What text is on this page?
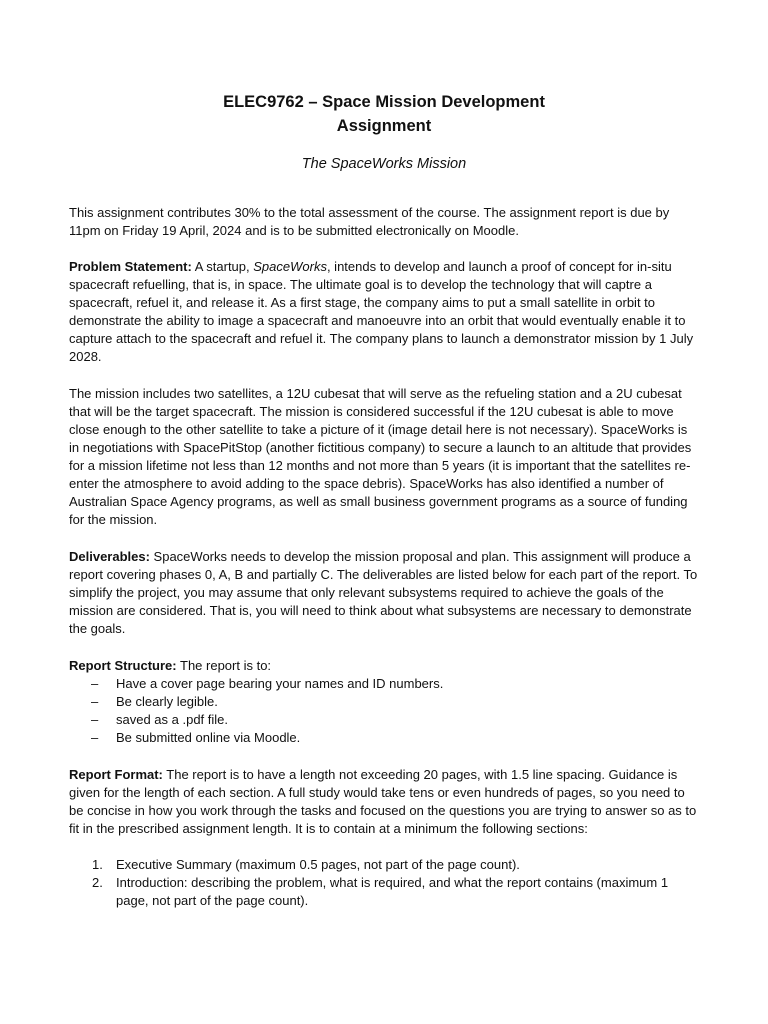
ELEC9762 – Space Mission Development
Assignment
The SpaceWorks Mission

This assignment contributes 30% to the total assessment of the course. The assignment report is due by 11pm on Friday 19 April, 2024 and is to be submitted electronically on Moodle.

Problem Statement: A startup, SpaceWorks, intends to develop and launch a proof of concept for in-situ spacecraft refuelling, that is, in space. The ultimate goal is to develop the technology that will captre a spacecraft, refuel it, and release it. As a first stage, the company aims to put a small satellite in orbit to demonstrate the ability to image a spacecraft and manoeuvre into an orbit that would eventually enable it to capture attach to the spacecraft and refuel it. The company plans to launch a demonstrator mission by 1 July 2028.

The mission includes two satellites, a 12U cubesat that will serve as the refueling station and a 2U cubesat that will be the target spacecraft. The mission is considered successful if the 12U cubesat is able to move close enough to the other satellite to take a picture of it (image detail here is not necessary). SpaceWorks is in negotiations with SpacePitStop (another fictitious company) to secure a launch to an altitude that provides for a mission lifetime not less than 12 months and not more than 5 years (it is important that the satellites re-enter the atmosphere to avoid adding to the space debris). SpaceWorks has also identified a number of Australian Space Agency programs, as well as small business government programs as a source of funding for the mission.

Deliverables: SpaceWorks needs to develop the mission proposal and plan. This assignment will produce a report covering phases 0, A, B and partially C. The deliverables are listed below for each part of the report. To simplify the project, you may assume that only relevant subsystems required to achieve the goals of the mission are considered. That is, you will need to think about what subsystems are necessary to demonstrate the goals.

Report Structure: The report is to:

– Have a cover page bearing your names and ID numbers.
– Be clearly legible.
– saved as a .pdf file.
– Be submitted online via Moodle.

Report Format: The report is to have a length not exceeding 20 pages, with 1.5 line spacing. Guidance is given for the length of each section. A full study would take tens or even hundreds of pages, so you need to be concise in how you work through the tasks and focused on the questions you are trying to answer so as to fit in the prescribed assignment length. It is to contain at a minimum the following sections:

1. Executive Summary (maximum 0.5 pages, not part of the page count).
2. Introduction: describing the problem, what is required, and what the report contains (maximum 1 page, not part of the page count).
